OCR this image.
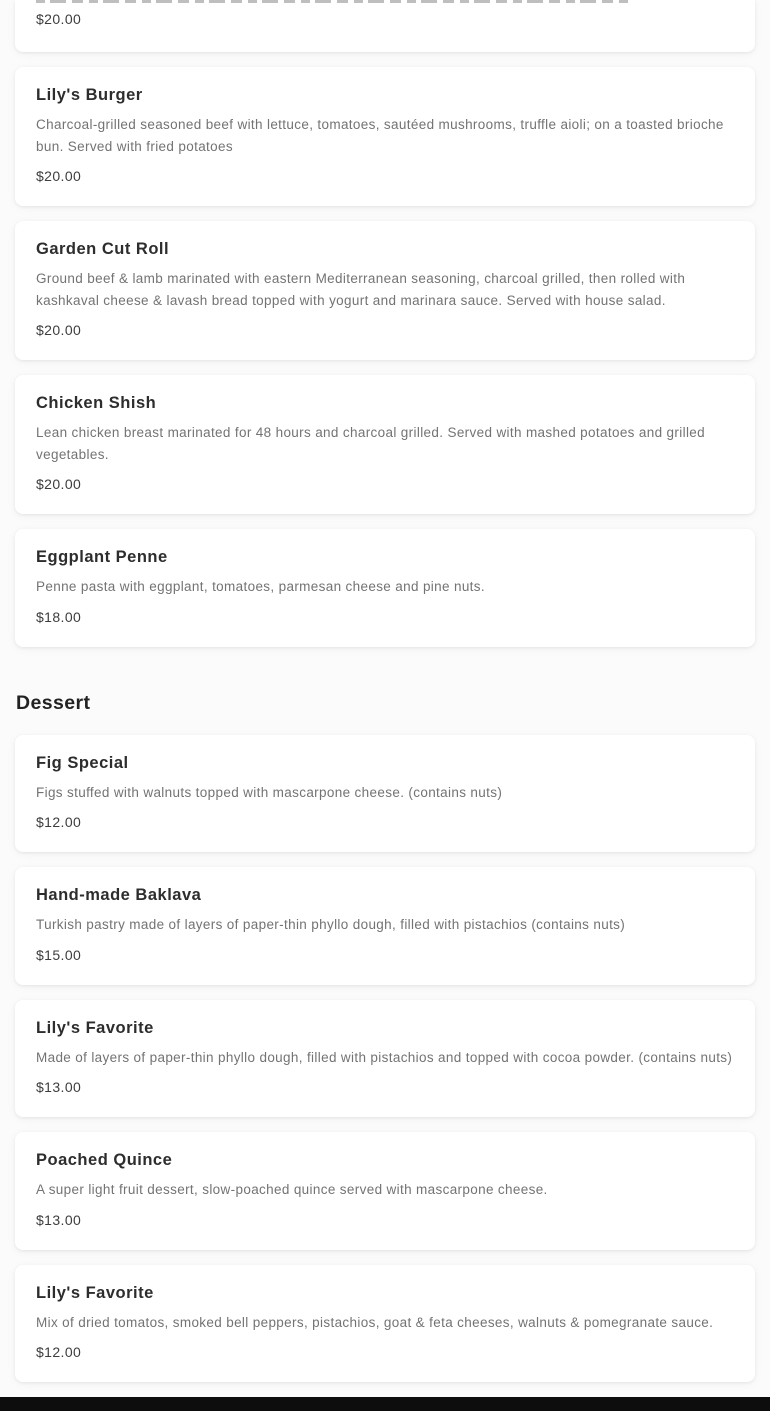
$20.00
Lily's Burger

Charcoal-grilled seasoned beef with lettuce, tomatoes, sautéed mushrooms, truffle aioli; on a toasted brioche bun. Served with fried potatoes

$20.00
Garden Cut Roll

Ground beef & lamb marinated with eastern Mediterranean seasoning, charcoal grilled, then rolled with kashkaval cheese & lavash bread topped with yogurt and marinara sauce. Served with house salad.

$20.00
Chicken Shish

Lean chicken breast marinated for 48 hours and charcoal grilled. Served with mashed potatoes and grilled vegetables.

$20.00
Eggplant Penne

Penne pasta with eggplant, tomatoes, parmesan cheese and pine nuts.

$18.00
Dessert
Fig Special

Figs stuffed with walnuts topped with mascarpone cheese. (contains nuts)

$12.00
Hand-made Baklava

Turkish pastry made of layers of paper-thin phyllo dough, filled with pistachios (contains nuts)

$15.00
Lily's Favorite

Made of layers of paper-thin phyllo dough, filled with pistachios and topped with cocoa powder. (contains nuts)

$13.00
Poached Quince

A super light fruit dessert, slow-poached quince served with mascarpone cheese.

$13.00
Lily's Favorite

Mix of dried tomatos, smoked bell peppers, pistachios, goat & feta cheeses, walnuts & pomegranate sauce.

$12.00
